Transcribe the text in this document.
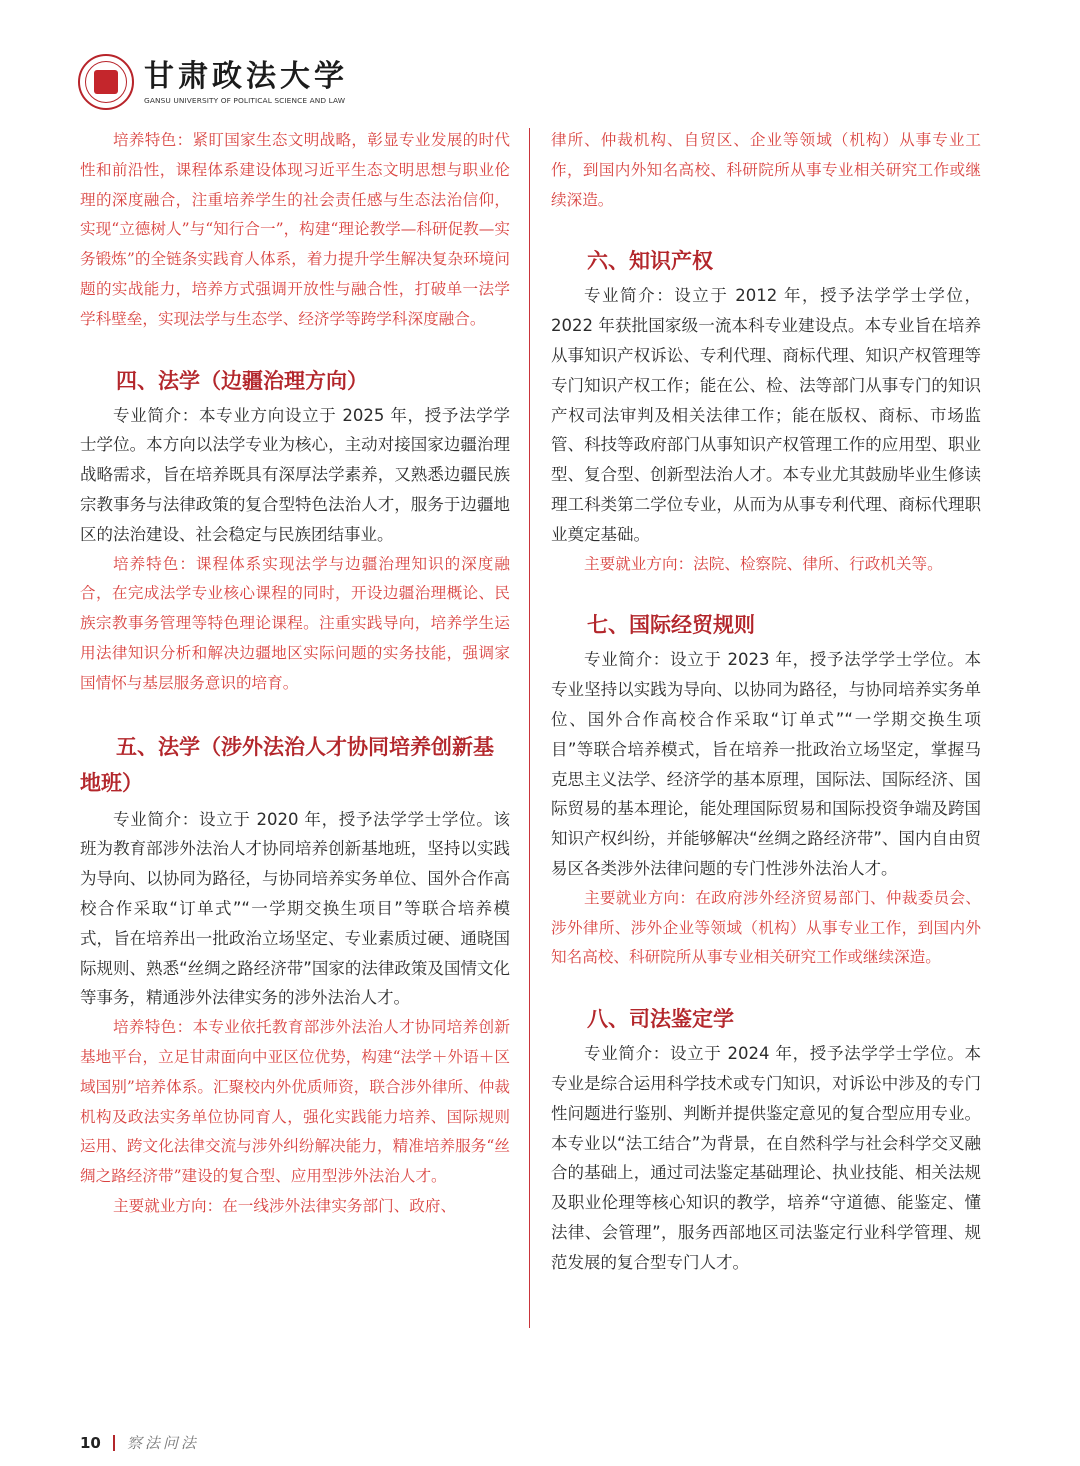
甘肃政法大学
GANSU UNIVERSITY OF POLITICAL SCIENCE AND LAW

培养特色：紧盯国家生态文明战略，彰显专业发展的时代性和前沿性，课程体系建设体现习近平生态文明思想与职业伦理的深度融合，注重培养学生的社会责任感与生态法治信仰，实现“立德树人”与“知行合一”，构建“理论教学—科研促教—实务锻炼”的全链条实践育人体系，着力提升学生解决复杂环境问题的实战能力，培养方式强调开放性与融合性，打破单一法学学科壁垒，实现法学与生态学、经济学等跨学科深度融合。

四、法学（边疆治理方向）

专业简介：本专业方向设立于 2025 年，授予法学学士学位。本方向以法学专业为核心，主动对接国家边疆治理战略需求，旨在培养既具有深厚法学素养，又熟悉边疆民族宗教事务与法律政策的复合型特色法治人才，服务于边疆地区的法治建设、社会稳定与民族团结事业。

培养特色：课程体系实现法学与边疆治理知识的深度融合，在完成法学专业核心课程的同时，开设边疆治理概论、民族宗教事务管理等特色理论课程。注重实践导向，培养学生运用法律知识分析和解决边疆地区实际问题的实务技能，强调家国情怀与基层服务意识的培育。

五、法学（涉外法治人才协同培养创新基地班）

专业简介：设立于 2020 年，授予法学学士学位。该班为教育部涉外法治人才协同培养创新基地班，坚持以实践为导向、以协同为路径，与协同培养实务单位、国外合作高校合作采取“订单式”“一学期交换生项目”等联合培养模式，旨在培养出一批政治立场坚定、专业素质过硬、通晓国际规则、熟悉“丝绸之路经济带”国家的法律政策及国情文化等事务，精通涉外法律实务的涉外法治人才。

培养特色：本专业依托教育部涉外法治人才协同培养创新基地平台，立足甘肃面向中亚区位优势，构建“法学＋外语＋区域国别”培养体系。汇聚校内外优质师资，联合涉外律所、仲裁机构及政法实务单位协同育人，强化实践能力培养、国际规则运用、跨文化法律交流与涉外纠纷解决能力，精准培养服务“丝绸之路经济带”建设的复合型、应用型涉外法治人才。

主要就业方向：在一线涉外法律实务部门、政府、

律所、仲裁机构、自贸区、企业等领域（机构）从事专业工作，到国内外知名高校、科研院所从事专业相关研究工作或继续深造。

六、知识产权

专业简介：设立于 2012 年，授予法学学士学位，2022 年获批国家级一流本科专业建设点。本专业旨在培养从事知识产权诉讼、专利代理、商标代理、知识产权管理等专门知识产权工作；能在公、检、法等部门从事专门的知识产权司法审判及相关法律工作；能在版权、商标、市场监管、科技等政府部门从事知识产权管理工作的应用型、职业型、复合型、创新型法治人才。本专业尤其鼓励毕业生修读理工科类第二学位专业，从而为从事专利代理、商标代理职业奠定基础。

主要就业方向：法院、检察院、律所、行政机关等。

七、国际经贸规则

专业简介：设立于 2023 年，授予法学学士学位。本专业坚持以实践为导向、以协同为路径，与协同培养实务单位、国外合作高校合作采取“订单式”“一学期交换生项目”等联合培养模式，旨在培养一批政治立场坚定，掌握马克思主义法学、经济学的基本原理，国际法、国际经济、国际贸易的基本理论，能处理国际贸易和国际投资争端及跨国知识产权纠纷，并能够解决“丝绸之路经济带”、国内自由贸易区各类涉外法律问题的专门性涉外法治人才。

主要就业方向：在政府涉外经济贸易部门、仲裁委员会、涉外律所、涉外企业等领域（机构）从事专业工作，到国内外知名高校、科研院所从事专业相关研究工作或继续深造。

八、司法鉴定学

专业简介：设立于 2024 年，授予法学学士学位。本专业是综合运用科学技术或专门知识，对诉讼中涉及的专门性问题进行鉴别、判断并提供鉴定意见的复合型应用专业。本专业以“法工结合”为背景，在自然科学与社会科学交叉融合的基础上，通过司法鉴定基础理论、执业技能、相关法规及职业伦理等核心知识的教学，培养“守道德、能鉴定、懂法律、会管理”，服务西部地区司法鉴定行业科学管理、规范发展的复合型专门人才。

10 察法问法
